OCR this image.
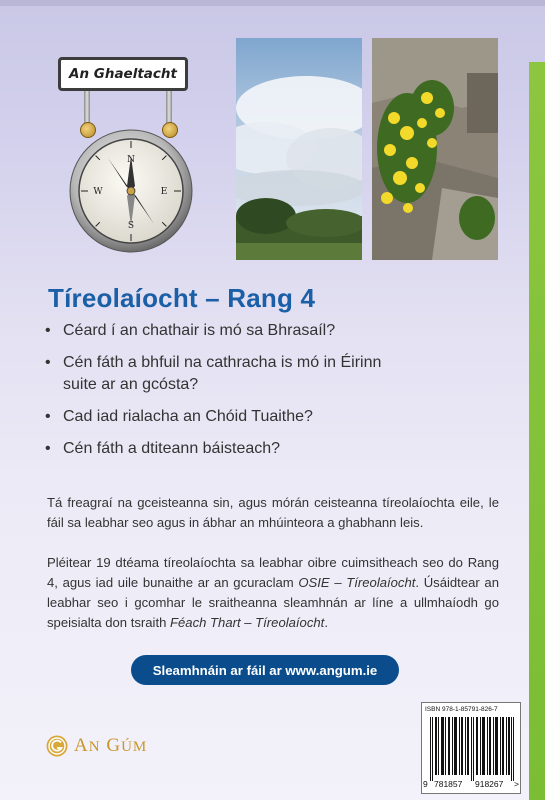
An Ghaeltacht
N
S
E
W
Tíreolaíocht – Rang 4
• Céard í an chathair is mó sa Bhrasaíl?
• Cén fáth a bhfuil na cathracha is mó in Éirinn suite ar an gcósta?
• Cad iad rialacha an Chóid Tuaithe?
• Cén fáth a dtiteann báisteach?

Tá freagraí na gceisteanna sin, agus mórán ceisteanna tíreolaíochta eile, le fáil sa leabhar seo agus in ábhar an mhúinteora a ghabhann leis.

Pléitear 19 dtéama tíreolaíochta sa leabhar oibre cuimsitheach seo do Rang 4, agus iad uile bunaithe ar an gcuraclam OSIE – Tíreolaíocht. Úsáidtear an leabhar seo i gcomhar le sraitheanna sleamhnán ar líne a ullmhaíodh go speisialta don tsraith Féach Thart – Tíreolaíocht.

Sleamhnáin ar fáil ar www.angum.ie
AN GÚM
ISBN 978-1-85791-826-7
9 781857 918267 >
